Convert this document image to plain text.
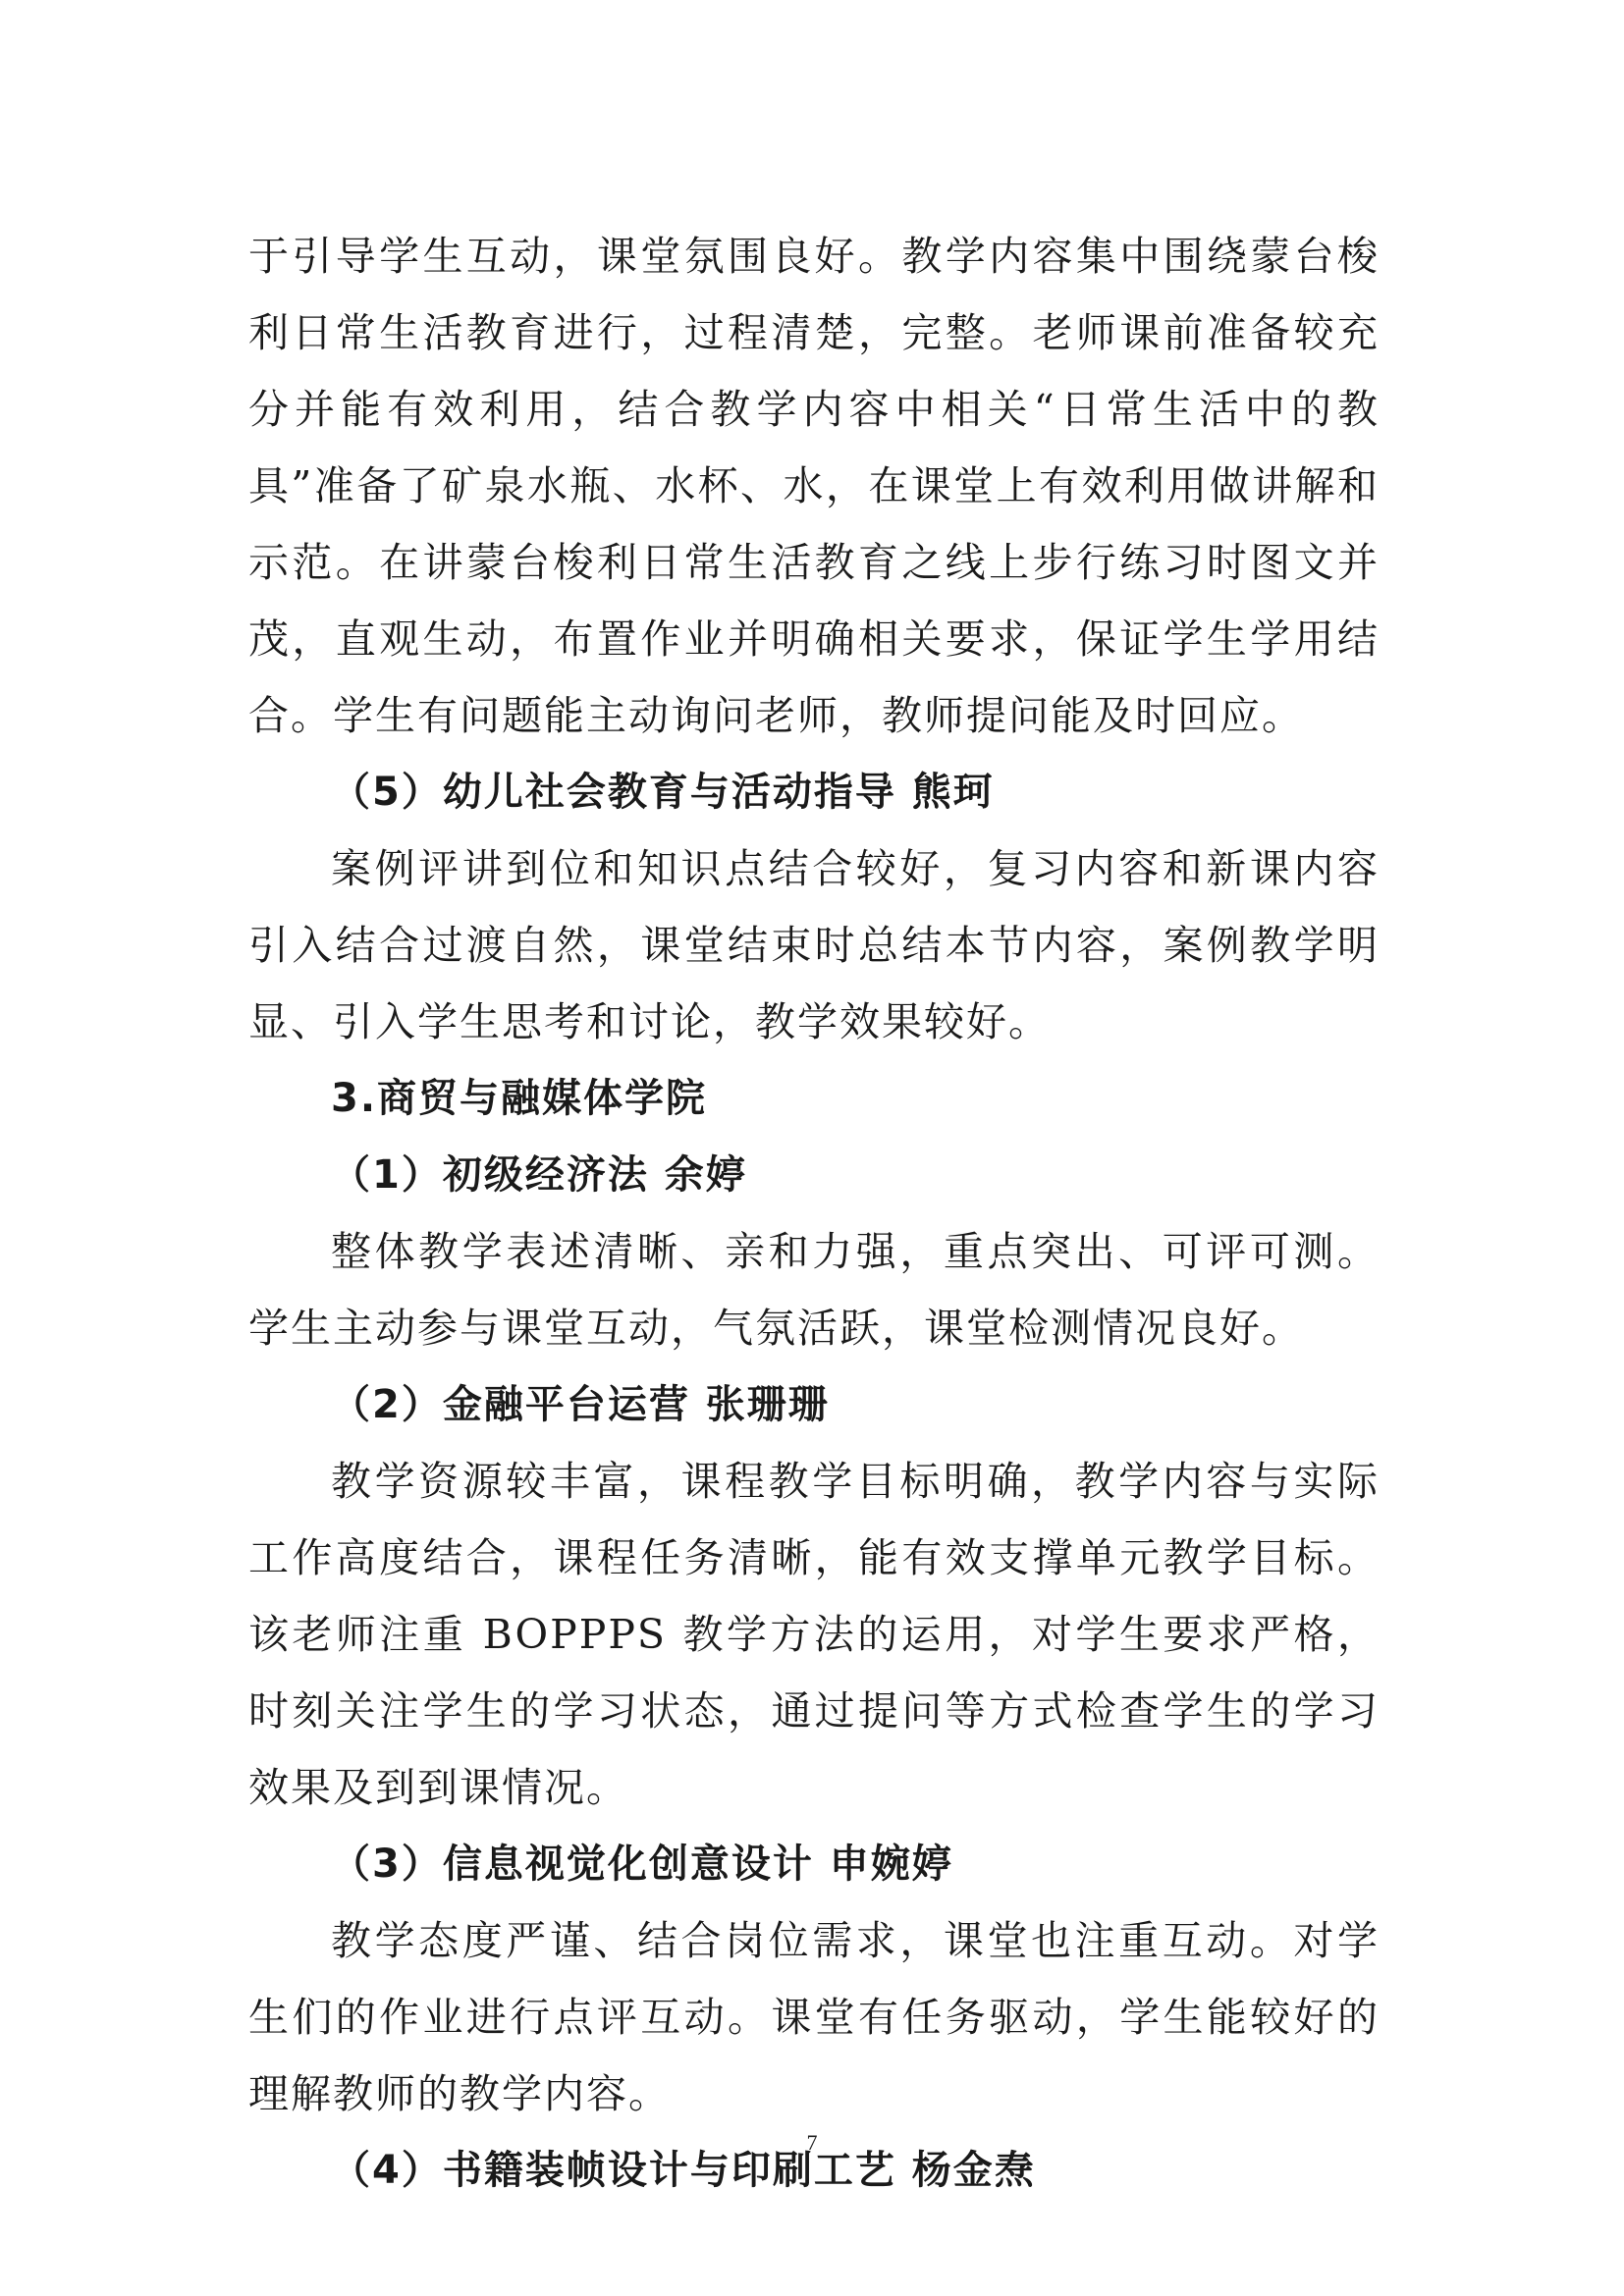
于引导学生互动，课堂氛围良好。教学内容集中围绕蒙台梭利日常生活教育进行，过程清楚，完整。老师课前准备较充分并能有效利用，结合教学内容中相关“日常生活中的教具”准备了矿泉水瓶、水杯、水，在课堂上有效利用做讲解和示范。在讲蒙台梭利日常生活教育之线上步行练习时图文并茂，直观生动，布置作业并明确相关要求，保证学生学用结合。学生有问题能主动询问老师，教师提问能及时回应。

（5）幼儿社会教育与活动指导 熊珂

案例评讲到位和知识点结合较好，复习内容和新课内容引入结合过渡自然，课堂结束时总结本节内容，案例教学明显、引入学生思考和讨论，教学效果较好。

3.商贸与融媒体学院
（1）初级经济法 余婷

整体教学表述清晰、亲和力强，重点突出、可评可测。学生主动参与课堂互动，气氛活跃，课堂检测情况良好。

（2）金融平台运营 张珊珊

教学资源较丰富，课程教学目标明确，教学内容与实际工作高度结合，课程任务清晰，能有效支撑单元教学目标。该老师注重 BOPPPS 教学方法的运用，对学生要求严格，时刻关注学生的学习状态，通过提问等方式检查学生的学习效果及到到课情况。

（3）信息视觉化创意设计 申婉婷

教学态度严谨、结合岗位需求，课堂也注重互动。对学生们的作业进行点评互动。课堂有任务驱动，学生能较好的理解教师的教学内容。

（4）书籍装帧设计与印刷工艺 杨金焘
7
